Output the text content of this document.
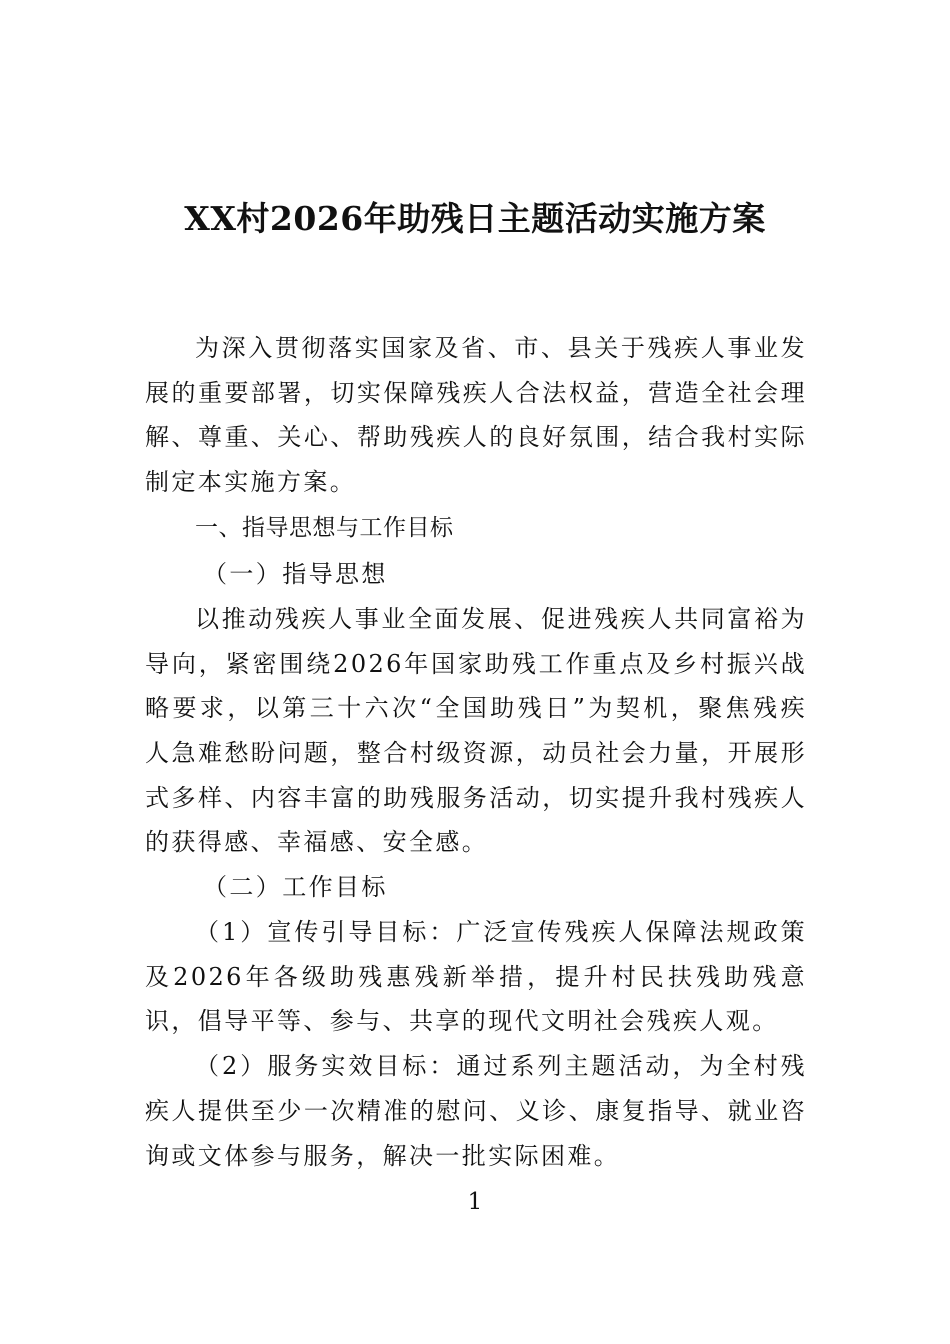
XX村2026年助残日主题活动实施方案

为深入贯彻落实国家及省、市、县关于残疾人事业发展的重要部署，切实保障残疾人合法权益，营造全社会理解、尊重、关心、帮助残疾人的良好氛围，结合我村实际制定本实施方案。

一、指导思想与工作目标

（一）指导思想

以推动残疾人事业全面发展、促进残疾人共同富裕为导向，紧密围绕2026年国家助残工作重点及乡村振兴战略要求，以第三十六次“全国助残日”为契机，聚焦残疾人急难愁盼问题，整合村级资源，动员社会力量，开展形式多样、内容丰富的助残服务活动，切实提升我村残疾人的获得感、幸福感、安全感。

（二）工作目标

（1）宣传引导目标：广泛宣传残疾人保障法规政策及2026年各级助残惠残新举措，提升村民扶残助残意识，倡导平等、参与、共享的现代文明社会残疾人观。

（2）服务实效目标：通过系列主题活动，为全村残疾人提供至少一次精准的慰问、义诊、康复指导、就业咨询或文体参与服务，解决一批实际困难。

1
